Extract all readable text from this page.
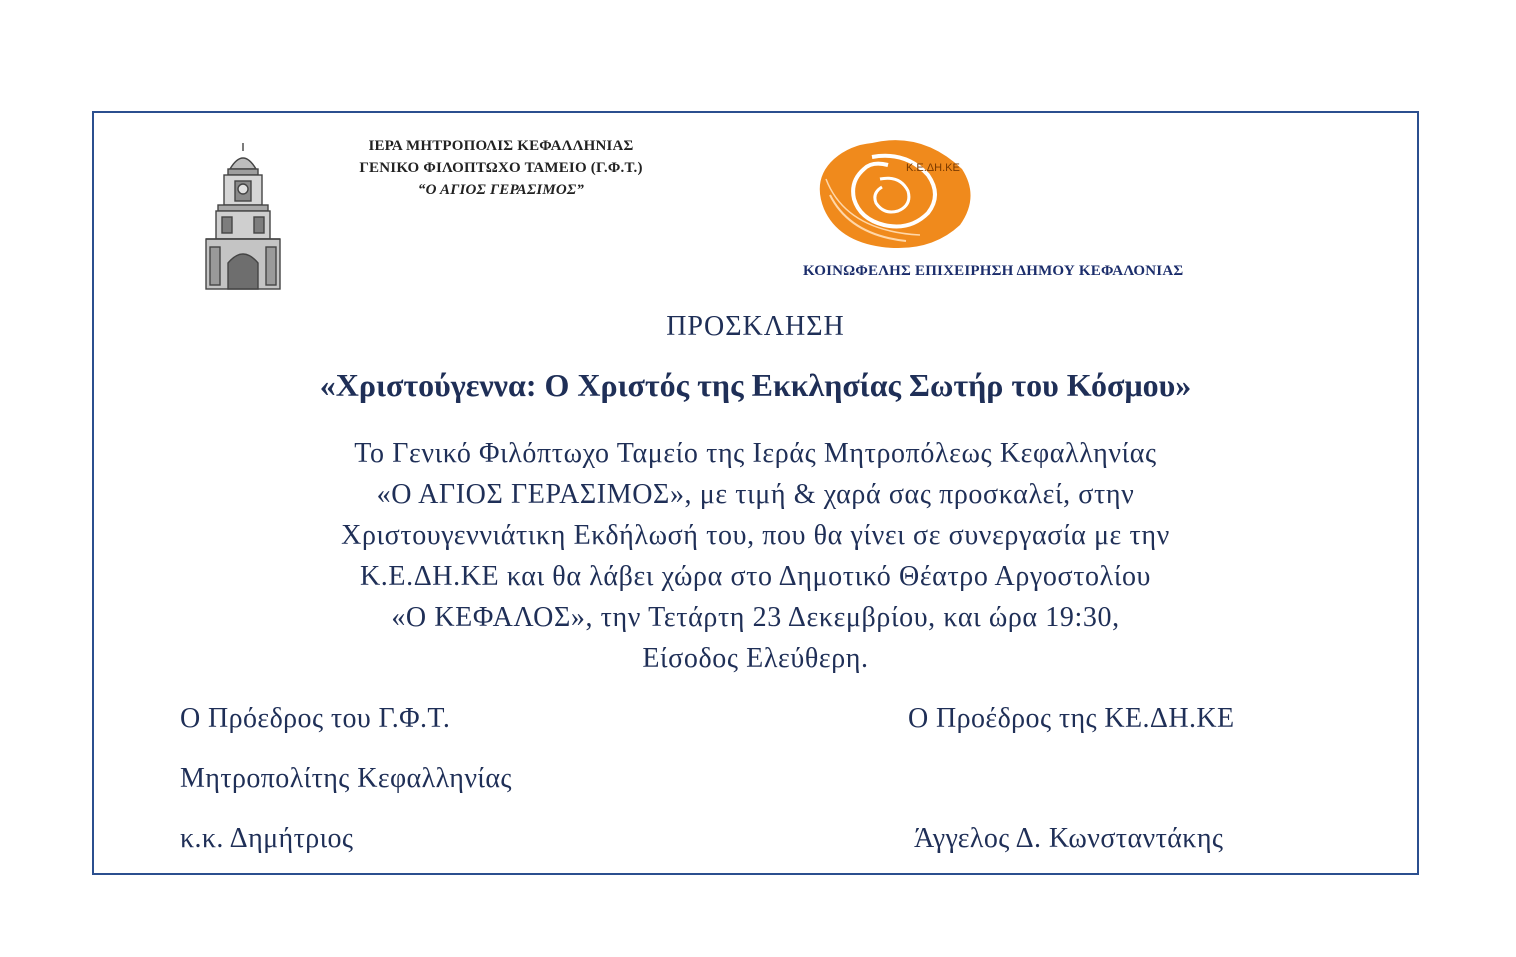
ΙΕΡΑ ΜΗΤΡΟΠΟΛΙΣ ΚΕΦΑΛΛΗΝΙΑΣ
ΓΕΝΙΚΟ ΦΙΛΟΠΤΩΧΟ ΤΑΜΕΙΟ (Γ.Φ.Τ.)
“Ο ΑΓΙΟΣ ΓΕΡΑΣΙΜΟΣ”
Κ.Ε.ΔΗ.ΚΕ
ΚΟΙΝΩΦΕΛΗΣ ΕΠΙΧΕΙΡΗΣΗ ΔΗΜΟΥ ΚΕΦΑΛΟΝΙΑΣ
ΠΡΟΣΚΛΗΣΗ
«Χριστούγεννα: Ο Χριστός της Εκκλησίας Σωτήρ του Κόσμου»
Το Γενικό Φιλόπτωχο Ταμείο της Ιεράς Μητροπόλεως Κεφαλληνίας
«Ο ΑΓΙΟΣ ΓΕΡΑΣΙΜΟΣ», με τιμή & χαρά σας προσκαλεί, στην
Χριστουγεννιάτικη Εκδήλωσή του, που θα γίνει σε συνεργασία με την
Κ.Ε.ΔΗ.ΚΕ και θα λάβει χώρα στο Δημοτικό Θέατρο Αργοστολίου
«Ο ΚΕΦΑΛΟΣ», την Τετάρτη 23 Δεκεμβρίου, και ώρα 19:30,
Είσοδος Ελεύθερη.
Ο Πρόεδρος του Γ.Φ.Τ.
Μητροπολίτης Κεφαλληνίας
κ.κ. Δημήτριος
Ο Προέδρος της ΚΕ.ΔΗ.ΚΕ
Άγγελος Δ. Κωνσταντάκης
